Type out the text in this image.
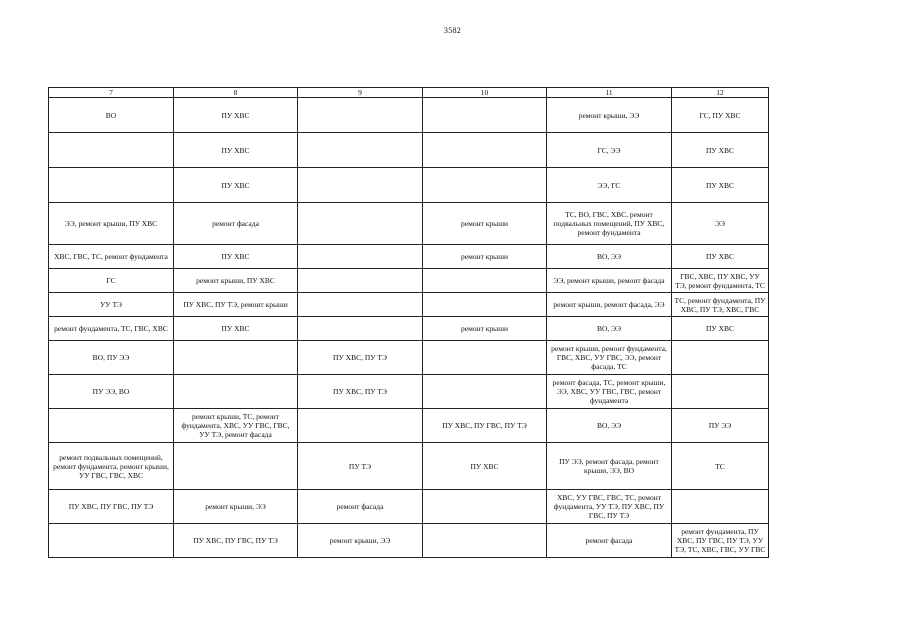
3582
7	8	9	10	11	12
ВО	ПУ ХВС			ремонт крыши, ЭЭ	ГС, ПУ ХВС
	ПУ ХВС			ГС, ЭЭ	ПУ ХВС
	ПУ ХВС			ЭЭ, ГС	ПУ ХВС
ЭЭ, ремонт крыши, ПУ ХВС	ремонт фасада		ремонт крыши	ТС, ВО, ГВС, ХВС, ремонт подвальных помещений, ПУ ХВС, ремонт фундамента	ЭЭ
ХВС, ГВС, ТС, ремонт фундамента	ПУ ХВС		ремонт крыши	ВО, ЭЭ	ПУ ХВС
ГС	ремонт крыши, ПУ ХВС			ЭЭ, ремонт крыши, ремонт фасада	ГВС, ХВС, ПУ ХВС, УУ ТЭ, ремонт фундамента, ТС
УУ ТЭ	ПУ ХВС, ПУ ТЭ, ремонт крыши			ремонт крыши, ремонт фасада, ЭЭ	ТС, ремонт фундамента, ПУ ХВС, ПУ ТЭ, ХВС, ГВС
ремонт фундамента, ТС, ГВС, ХВС	ПУ ХВС		ремонт крыши	ВО, ЭЭ	ПУ ХВС
ВО, ПУ ЭЭ		ПУ ХВС, ПУ ТЭ		ремонт крыши, ремонт фундамента, ГВС, ХВС, УУ ГВС, ЭЭ, ремонт фасада, ТС	
ПУ ЭЭ, ВО		ПУ ХВС, ПУ ТЭ		ремонт фасада, ТС, ремонт крыши, ЭЭ, ХВС, УУ ГВС, ГВС, ремонт фундамента	
	ремонт крыши, ТС, ремонт фундамента, ХВС, УУ ГВС, ГВС, УУ ТЭ, ремонт фасада		ПУ ХВС, ПУ ГВС, ПУ ТЭ	ВО, ЭЭ	ПУ ЭЭ
ремонт подвальных помещений, ремонт фундамента, ремонт крыши, УУ ГВС, ГВС, ХВС		ПУ ТЭ	ПУ ХВС	ПУ ЭЭ, ремонт фасада, ремонт крыши, ЭЭ, ВО	ТС
ПУ ХВС, ПУ ГВС, ПУ ТЭ	ремонт крыши, ЭЭ	ремонт фасада		ХВС, УУ ГВС, ГВС, ТС, ремонт фундамента, УУ ТЭ, ПУ ХВС, ПУ ГВС, ПУ ТЭ	
	ПУ ХВС, ПУ ГВС, ПУ ТЭ	ремонт крыши, ЭЭ		ремонт фасада	ремонт фундамента, ПУ ХВС, ПУ ГВС, ПУ ТЭ, УУ ТЭ, ТС, ХВС, ГВС, УУ ГВС
